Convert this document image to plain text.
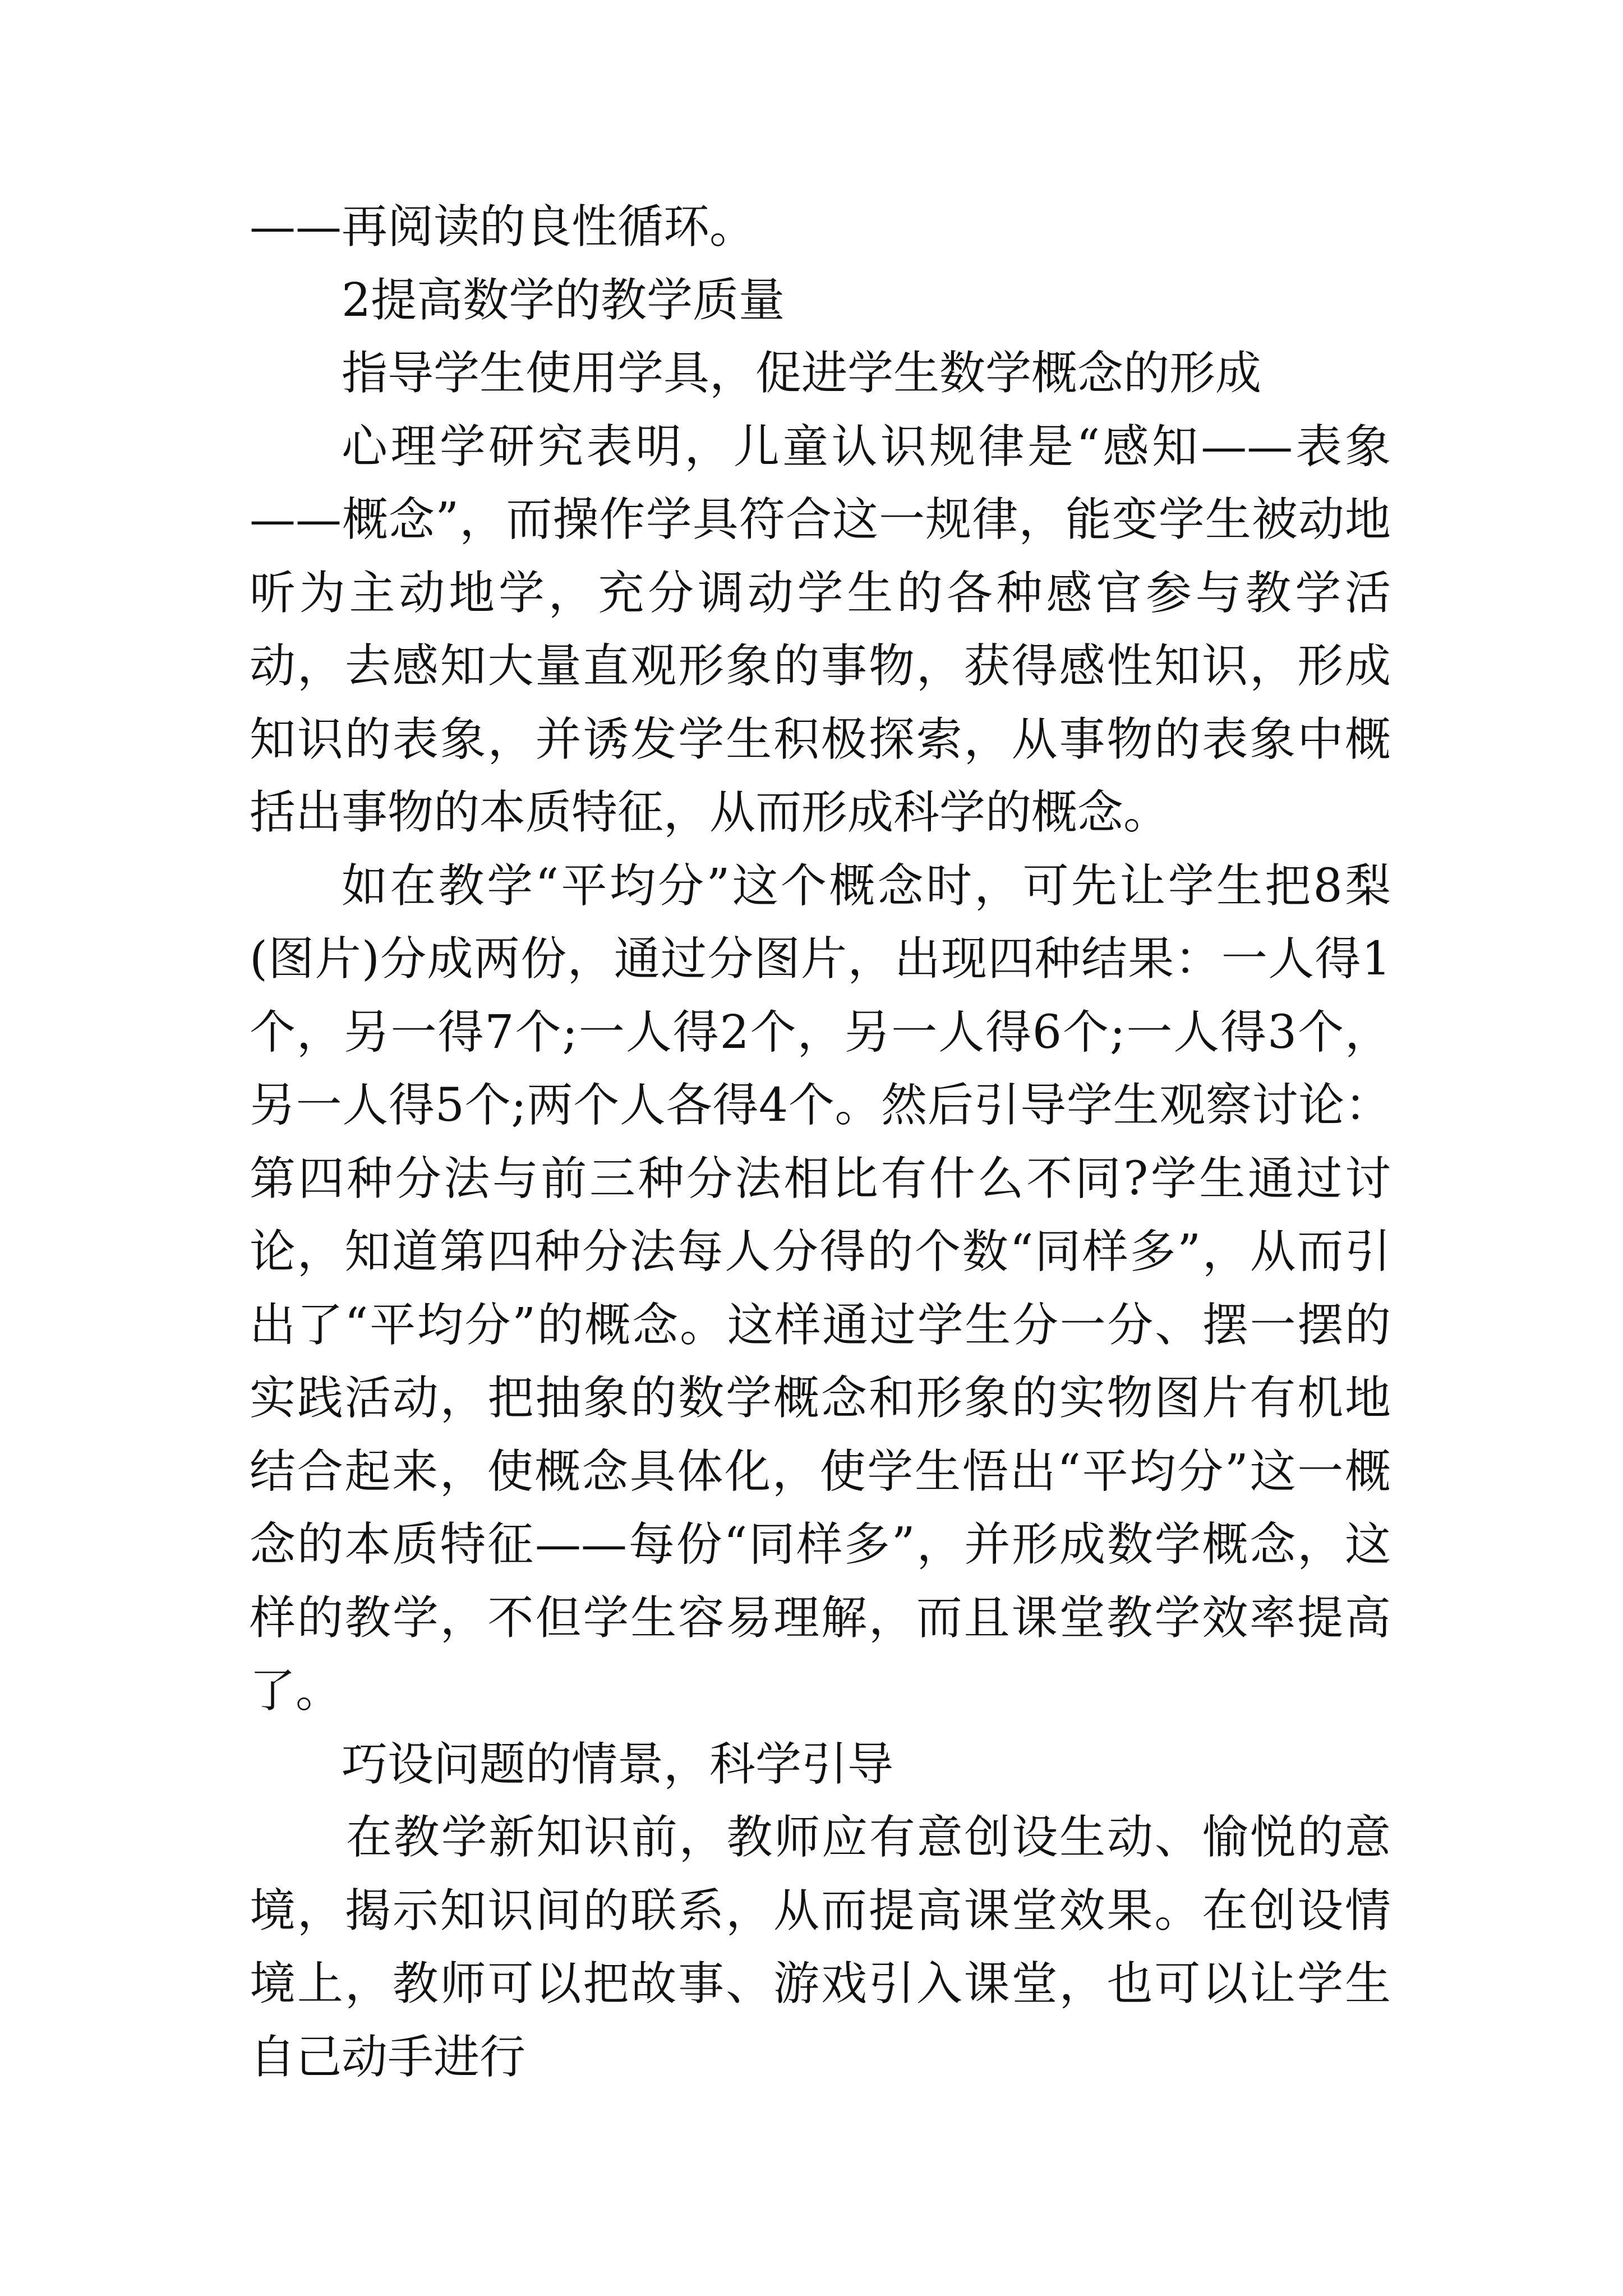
——再阅读的良性循环。

2提高数学的教学质量

指导学生使用学具，促进学生数学概念的形成

心理学研究表明，儿童认识规律是“感知——表象——概念”，而操作学具符合这一规律，能变学生被动地听为主动地学，充分调动学生的各种感官参与教学活动，去感知大量直观形象的事物，获得感性知识，形成知识的表象，并诱发学生积极探索，从事物的表象中概括出事物的本质特征，从而形成科学的概念。

如在教学“平均分”这个概念时，可先让学生把8梨(图片)分成两份，通过分图片，出现四种结果：一人得1个，另一得7个;一人得2个，另一人得6个;一人得3个，另一人得5个;两个人各得4个。然后引导学生观察讨论：第四种分法与前三种分法相比有什么不同?学生通过讨论，知道第四种分法每人分得的个数“同样多”，从而引出了“平均分”的概念。这样通过学生分一分、摆一摆的实践活动，把抽象的数学概念和形象的实物图片有机地结合起来，使概念具体化，使学生悟出“平均分”这一概念的本质特征——每份“同样多”，并形成数学概念，这样的教学，不但学生容易理解，而且课堂教学效率提高了。

巧设问题的情景，科学引导

在教学新知识前，教师应有意创设生动、愉悦的意境，揭示知识间的联系，从而提高课堂效果。在创设情境上，教师可以把故事、游戏引入课堂，也可以让学生自己动手进行
